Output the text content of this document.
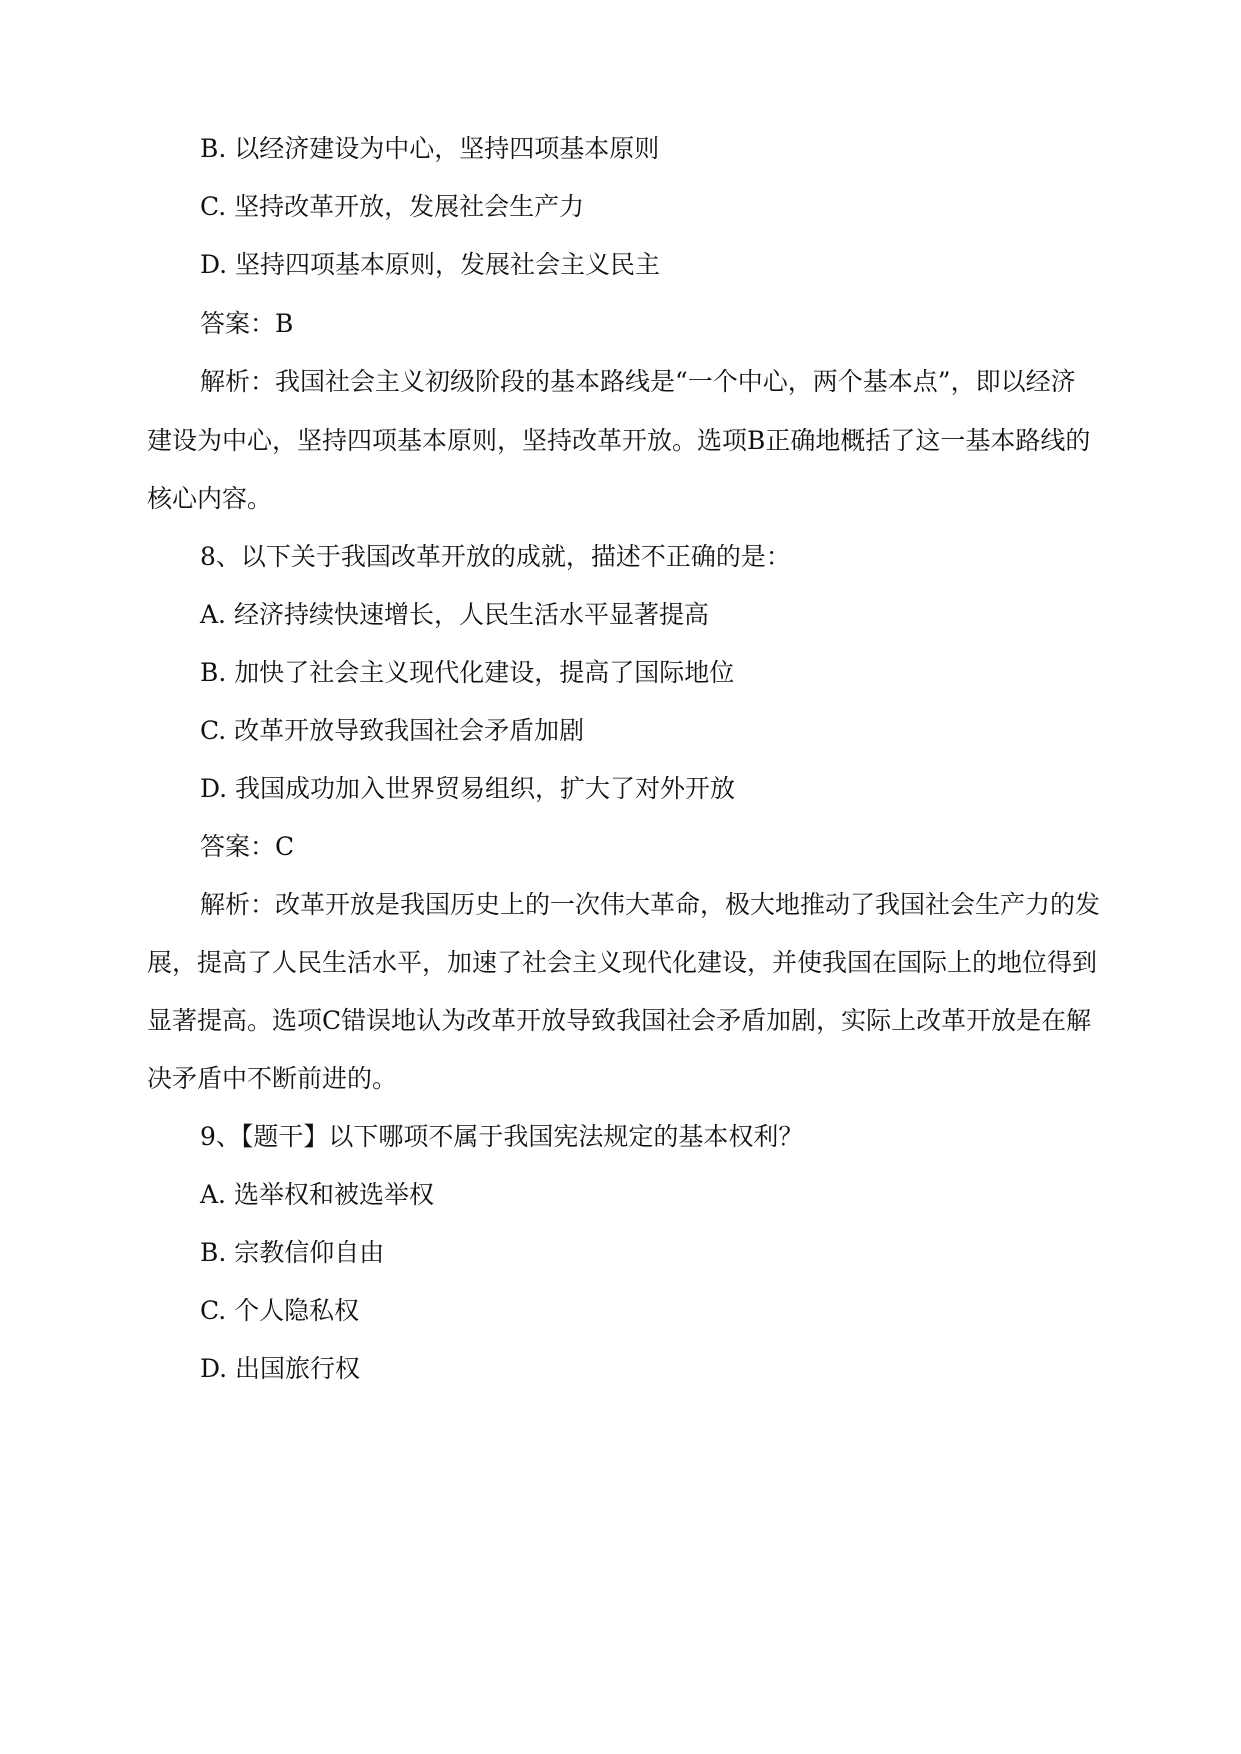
B. 以经济建设为中心，坚持四项基本原则
C. 坚持改革开放，发展社会生产力
D. 坚持四项基本原则，发展社会主义民主
答案：B
解析：我国社会主义初级阶段的基本路线是“一个中心，两个基本点”，即以经济
建设为中心，坚持四项基本原则，坚持改革开放。选项B正确地概括了这一基本路线的
核心内容。
8、以下关于我国改革开放的成就，描述不正确的是：
A. 经济持续快速增长，人民生活水平显著提高
B. 加快了社会主义现代化建设，提高了国际地位
C. 改革开放导致我国社会矛盾加剧
D. 我国成功加入世界贸易组织，扩大了对外开放
答案：C
解析：改革开放是我国历史上的一次伟大革命，极大地推动了我国社会生产力的发
展，提高了人民生活水平，加速了社会主义现代化建设，并使我国在国际上的地位得到
显著提高。选项C错误地认为改革开放导致我国社会矛盾加剧，实际上改革开放是在解
决矛盾中不断前进的。
9、【题干】以下哪项不属于我国宪法规定的基本权利？
A. 选举权和被选举权
B. 宗教信仰自由
C. 个人隐私权
D. 出国旅行权
